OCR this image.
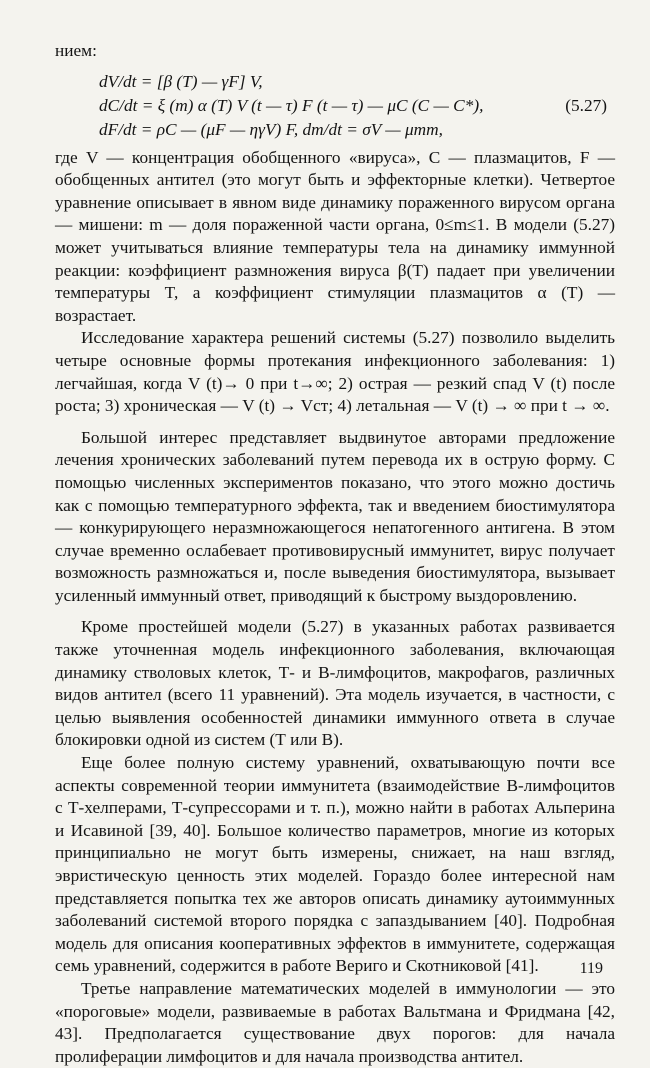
нием:

dV/dt = [β (T) — γF] V,
dC/dt = ξ (m) α (T) V (t — τ) F (t — τ) — μC (C — C*),
dF/dt = ρC — (μF — ηγV) F, dm/dt = σV — μmm,
(5.27)

где V — концентрация обобщенного «вируса», C — плазмацитов, F — обобщенных антител (это могут быть и эффекторные клетки). Четвертое уравнение описывает в явном виде динамику пораженного вирусом органа — мишени: m — доля пораженной части органа, 0≤m≤1. В модели (5.27) может учитываться влияние температуры тела на динамику иммунной реакции: коэффициент размножения вируса β(T) падает при увеличении температуры T, а коэффициент стимуляции плазмацитов α (T) — возрастает.

Исследование характера решений системы (5.27) позволило выделить четыре основные формы протекания инфекционного заболевания: 1) легчайшая, когда V (t)→ 0 при t→∞; 2) острая — резкий спад V (t) после роста; 3) хроническая — V (t) → Vст; 4) летальная — V (t) → ∞ при t → ∞.

Большой интерес представляет выдвинутое авторами предложение лечения хронических заболеваний путем перевода их в острую форму. С помощью численных экспериментов показано, что этого можно достичь как с помощью температурного эффекта, так и введением биостимулятора — конкурирующего неразмножающегося непатогенного антигена. В этом случае временно ослабевает противовирусный иммунитет, вирус получает возможность размножаться и, после выведения биостимулятора, вызывает усиленный иммунный ответ, приводящий к быстрому выздоровлению.

Кроме простейшей модели (5.27) в указанных работах развивается также уточненная модель инфекционного заболевания, включающая динамику стволовых клеток, Т- и В-лимфоцитов, макрофагов, различных видов антител (всего 11 уравнений). Эта модель изучается, в частности, с целью выявления особенностей динамики иммунного ответа в случае блокировки одной из систем (Т или В).

Еще более полную систему уравнений, охватывающую почти все аспекты современной теории иммунитета (взаимодействие В-лимфоцитов с Т-хелперами, Т-супрессорами и т. п.), можно найти в работах Альперина и Исавиной [39, 40]. Большое количество параметров, многие из которых принципиально не могут быть измерены, снижает, на наш взгляд, эвристическую ценность этих моделей. Гораздо более интересной нам представляется попытка тех же авторов описать динамику аутоиммунных заболеваний системой второго порядка с запаздыванием [40]. Подробная модель для описания кооперативных эффектов в иммунитете, содержащая семь уравнений, содержится в работе Вериго и Скотниковой [41].

Третье направление математических моделей в иммунологии — это «пороговые» модели, развиваемые в работах Вальтмана и Фридмана [42, 43]. Предполагается существование двух порогов: для начала пролиферации лимфоцитов и для начала производства антител.

119
